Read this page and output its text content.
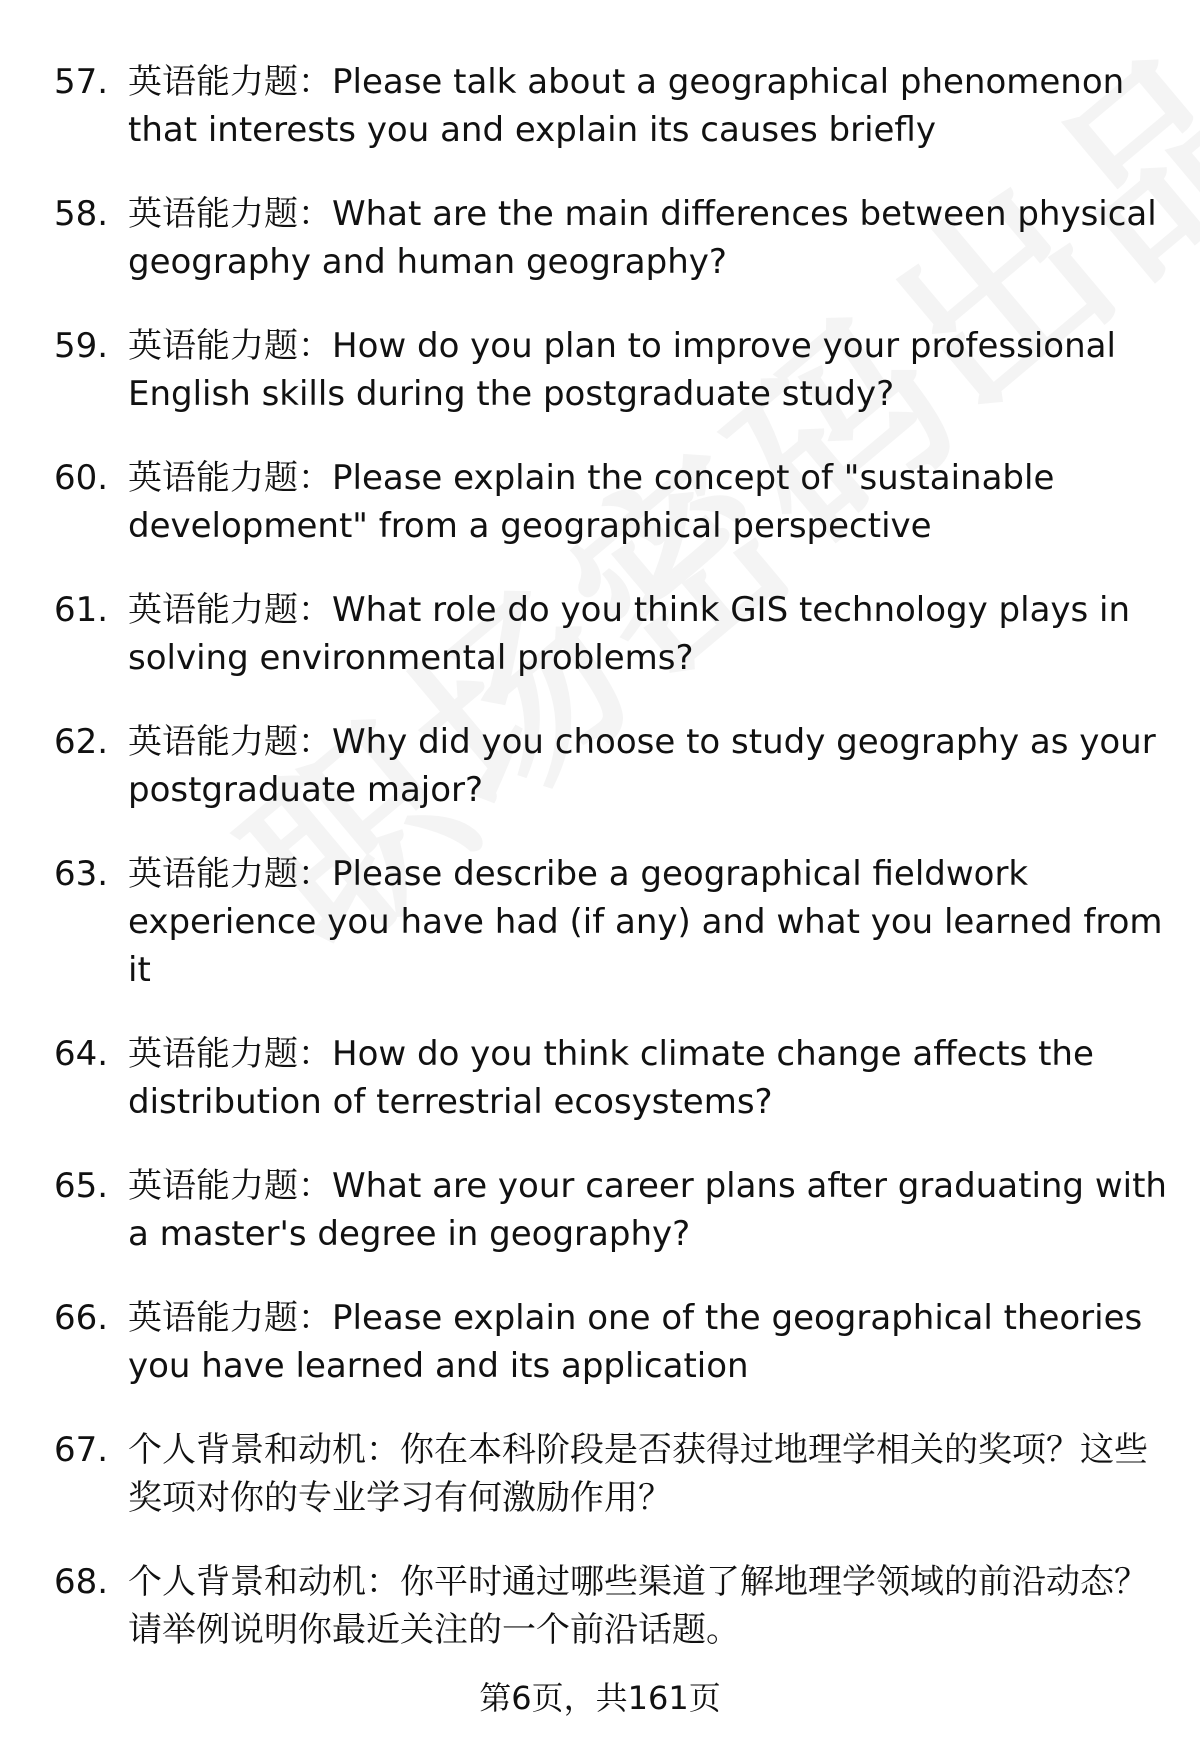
57. 英语能力题：Please talk about a geographical phenomenon that interests you and explain its causes briefly
58. 英语能力题：What are the main differences between physical geography and human geography?
59. 英语能力题：How do you plan to improve your professional English skills during the postgraduate study?
60. 英语能力题：Please explain the concept of "sustainable development" from a geographical perspective
61. 英语能力题：What role do you think GIS technology plays in solving environmental problems?
62. 英语能力题：Why did you choose to study geography as your postgraduate major?
63. 英语能力题：Please describe a geographical fieldwork experience you have had (if any) and what you learned from it
64. 英语能力题：How do you think climate change affects the distribution of terrestrial ecosystems?
65. 英语能力题：What are your career plans after graduating with a master's degree in geography?
66. 英语能力题：Please explain one of the geographical theories you have learned and its application
67. 个人背景和动机：你在本科阶段是否获得过地理学相关的奖项？这些奖项对你的专业学习有何激励作用？
68. 个人背景和动机：你平时通过哪些渠道了解地理学领域的前沿动态？请举例说明你最近关注的一个前沿话题。
第6页，共161页
